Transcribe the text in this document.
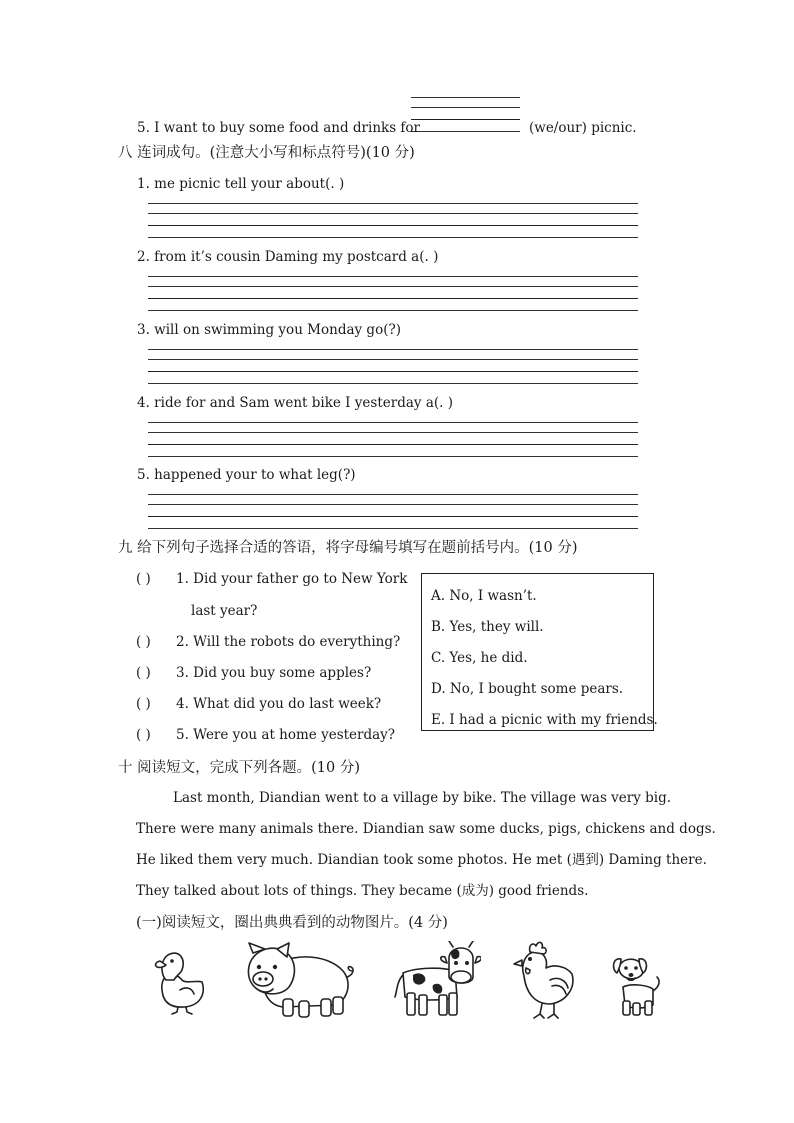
5. I want to buy some food and drinks for	(we/our) picnic.
八 连词成句。(注意大小写和标点符号)(10 分)
1. me picnic tell your about(. )
2. from it’s cousin Daming my postcard a(. )
3. will on swimming you Monday go(?)
4. ride for and Sam went bike I yesterday a(. )
5. happened your to what leg(?)
九 给下列句子选择合适的答语，将字母编号填写在题前括号内。(10 分)
( ) 1. Did your father go to New York
last year?
( ) 2. Will the robots do everything?
( ) 3. Did you buy some apples?
( ) 4. What did you do last week?
( ) 5. Were you at home yesterday?
A. No, I wasn’t.
B. Yes, they will.
C. Yes, he did.
D. No, I bought some pears.
E. I had a picnic with my friends.
十 阅读短文，完成下列各题。(10 分)
Last month, Diandian went to a village by bike. The village was very big.
There were many animals there. Diandian saw some ducks, pigs, chickens and dogs.
He liked them very much. Diandian took some photos. He met (遇到) Daming there.
They talked about lots of things. They became (成为) good friends.
(一)阅读短文，圈出典典看到的动物图片。(4 分)
